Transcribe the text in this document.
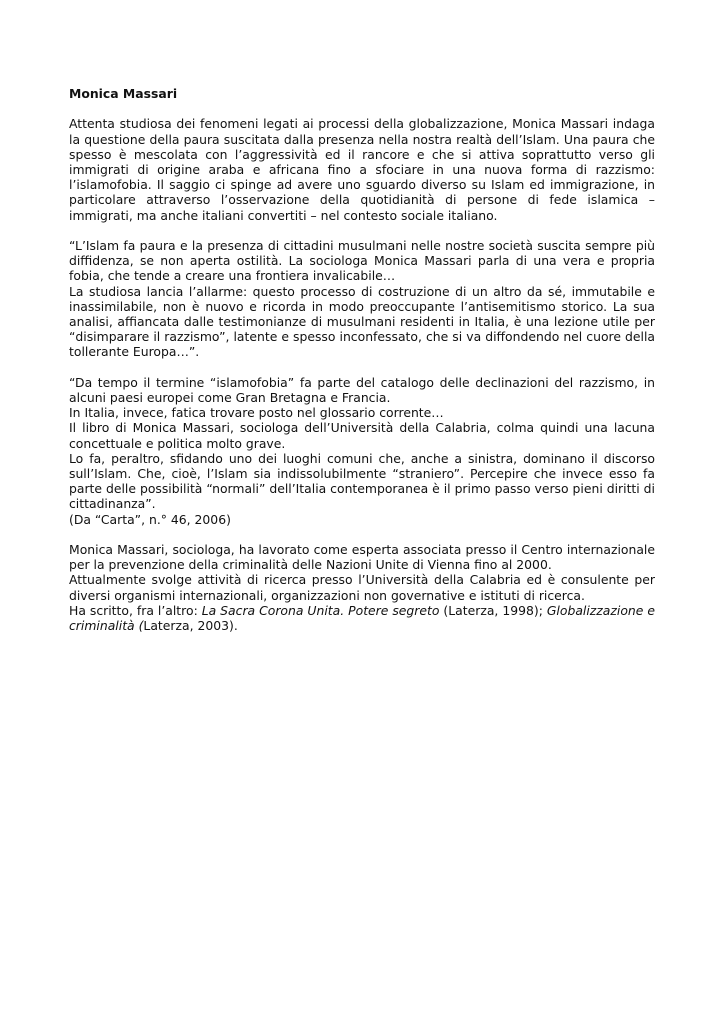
Monica Massari

Attenta studiosa dei fenomeni legati ai processi della globalizzazione, Monica Massari indaga la questione della paura suscitata dalla presenza nella nostra realtà dell’Islam. Una paura che spesso è mescolata con l’aggressività ed il rancore e che si attiva soprattutto verso gli immigrati di origine araba e africana fino a sfociare in una nuova forma di razzismo: l’islamofobia. Il saggio ci spinge ad avere uno sguardo diverso su Islam ed immigrazione, in particolare attraverso l’osservazione della quotidianità di persone di fede islamica – immigrati, ma anche italiani convertiti – nel contesto sociale italiano.

“L’Islam fa paura e la presenza di cittadini musulmani nelle nostre società suscita sempre più diffidenza, se non aperta ostilità. La sociologa Monica Massari parla di una vera e propria fobia, che tende a creare una frontiera invalicabile…

La studiosa lancia l’allarme: questo processo di costruzione di un altro da sé, immutabile e inassimilabile, non è nuovo e ricorda in modo preoccupante l’antisemitismo storico. La sua analisi, affiancata dalle testimonianze di musulmani residenti in Italia, è una lezione utile per “disimparare il razzismo”, latente e spesso inconfessato, che si va diffondendo nel cuore della tollerante Europa…”.

“Da tempo il termine “islamofobia” fa parte del catalogo delle declinazioni del razzismo, in alcuni paesi europei come Gran Bretagna e Francia.

In Italia, invece, fatica trovare posto nel glossario corrente…

Il libro di Monica Massari, sociologa dell’Università della Calabria, colma quindi una lacuna concettuale e politica molto grave.

Lo fa, peraltro, sfidando uno dei luoghi comuni che, anche a sinistra, dominano il discorso sull’Islam. Che, cioè, l’Islam sia indissolubilmente “straniero”. Percepire che invece esso fa parte delle possibilità “normali” dell’Italia contemporanea è il primo passo verso pieni diritti di cittadinanza”.

(Da “Carta”, n.° 46, 2006)

Monica Massari, sociologa, ha lavorato come esperta associata presso il Centro internazionale per la prevenzione della criminalità delle Nazioni Unite di Vienna fino al 2000.

Attualmente svolge attività di ricerca presso l’Università della Calabria ed è consulente per diversi organismi internazionali, organizzazioni non governative e istituti di ricerca.

Ha scritto, fra l’altro: La Sacra Corona Unita. Potere segreto (Laterza, 1998); Globalizzazione e criminalità (Laterza, 2003).
